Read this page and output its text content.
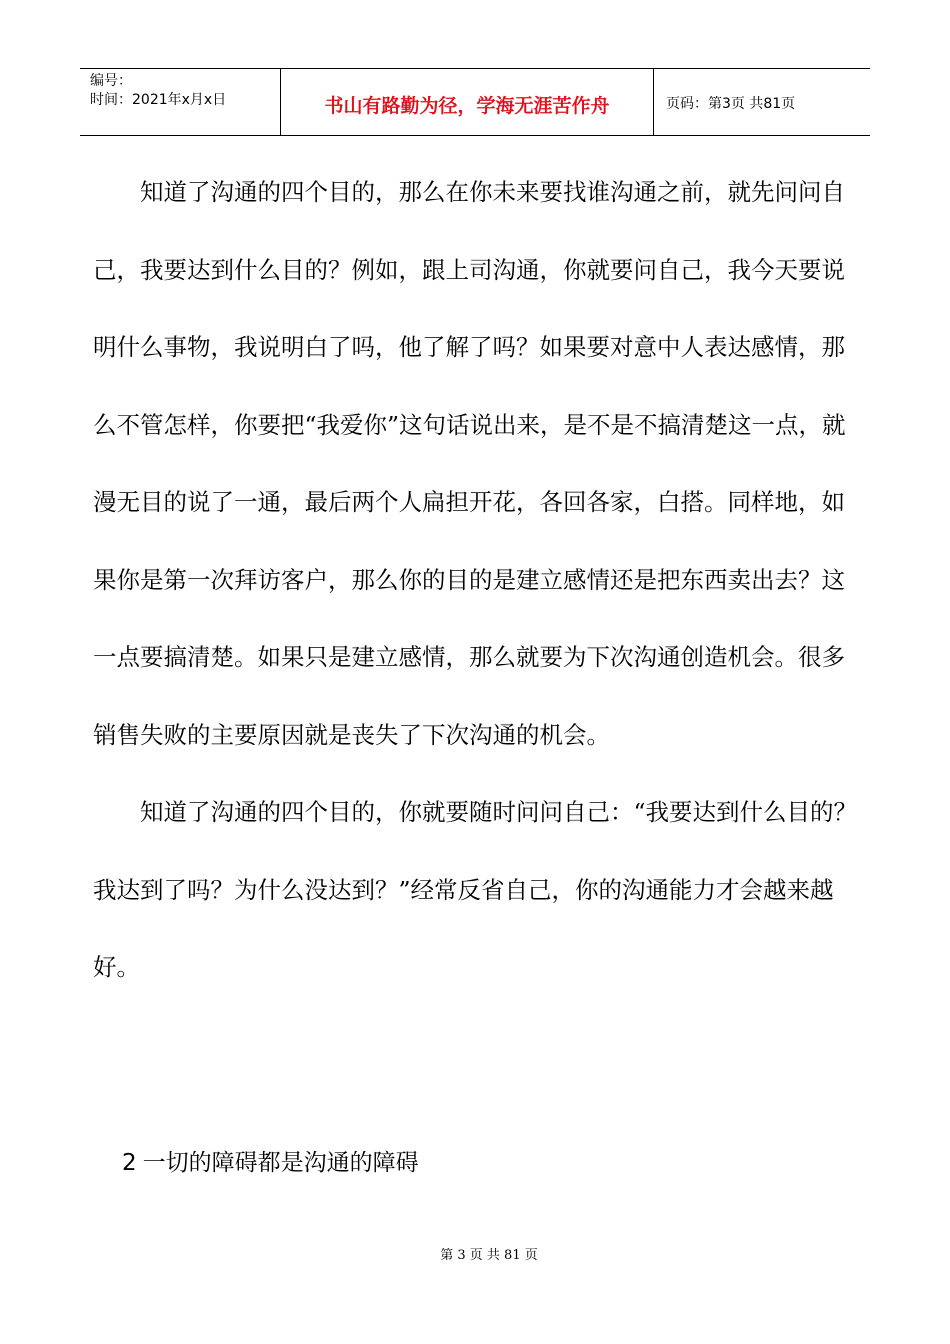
编号：
时间：2021年x月x日	书山有路勤为径，学海无涯苦作舟	页码：第3页 共81页

知道了沟通的四个目的，那么在你未来要找谁沟通之前，就先问问自己，我要达到什么目的？例如，跟上司沟通，你就要问自己，我今天要说明什么事物，我说明白了吗，他了解了吗？如果要对意中人表达感情，那么不管怎样，你要把“我爱你”这句话说出来，是不是不搞清楚这一点，就漫无目的说了一通，最后两个人扁担开花，各回各家，白搭。同样地，如果你是第一次拜访客户，那么你的目的是建立感情还是把东西卖出去？这一点要搞清楚。如果只是建立感情，那么就要为下次沟通创造机会。很多销售失败的主要原因就是丧失了下次沟通的机会。

知道了沟通的四个目的，你就要随时问问自己：“我要达到什么目的？我达到了吗？为什么没达到？”经常反省自己，你的沟通能力才会越来越好。

2 一切的障碍都是沟通的障碍
第 3 页 共 81 页
